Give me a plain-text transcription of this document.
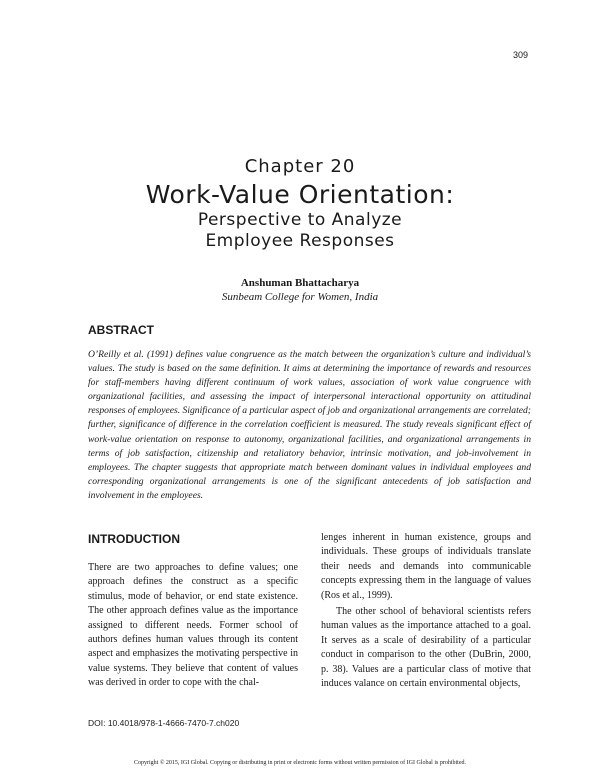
309
Chapter 20
Work-Value Orientation:
Perspective to Analyze
Employee Responses
Anshuman Bhattacharya
Sunbeam College for Women, India
ABSTRACT
O’Reilly et al. (1991) defines value congruence as the match between the organization’s culture and individual’s values. The study is based on the same definition. It aims at determining the importance of rewards and resources for staff-members having different continuum of work values, association of work value congruence with organizational facilities, and assessing the impact of interpersonal interactional opportunity on attitudinal responses of employees. Significance of a particular aspect of job and organizational arrangements are correlated; further, significance of difference in the correlation coefficient is measured. The study reveals significant effect of work-value orientation on response to autonomy, organizational facilities, and organizational arrangements in terms of job satisfaction, citizenship and retaliatory behavior, intrinsic motivation, and job-involvement in employees. The chapter suggests that appropriate match between dominant values in individual employees and corresponding organizational arrangements is one of the significant antecedents of job satisfaction and involvement in the employees.
INTRODUCTION

There are two approaches to define values; one approach defines the construct as a specific stimulus, mode of behavior, or end state existence. The other approach defines value as the importance assigned to different needs. Former school of authors defines human values through its content aspect and emphasizes the motivating perspective in value systems. They believe that content of values was derived in order to cope with the chal-

lenges inherent in human existence, groups and individuals. These groups of individuals translate their needs and demands into communicable concepts expressing them in the language of values (Ros et al., 1999).

The other school of behavioral scientists refers human values as the importance attached to a goal. It serves as a scale of desirability of a particular conduct in comparison to the other (DuBrin, 2000, p. 38). Values are a particular class of motive that induces valance on certain environmental objects,

DOI: 10.4018/978-1-4666-7470-7.ch020
Copyright © 2015, IGI Global. Copying or distributing in print or electronic forms without written permission of IGI Global is prohibited.
